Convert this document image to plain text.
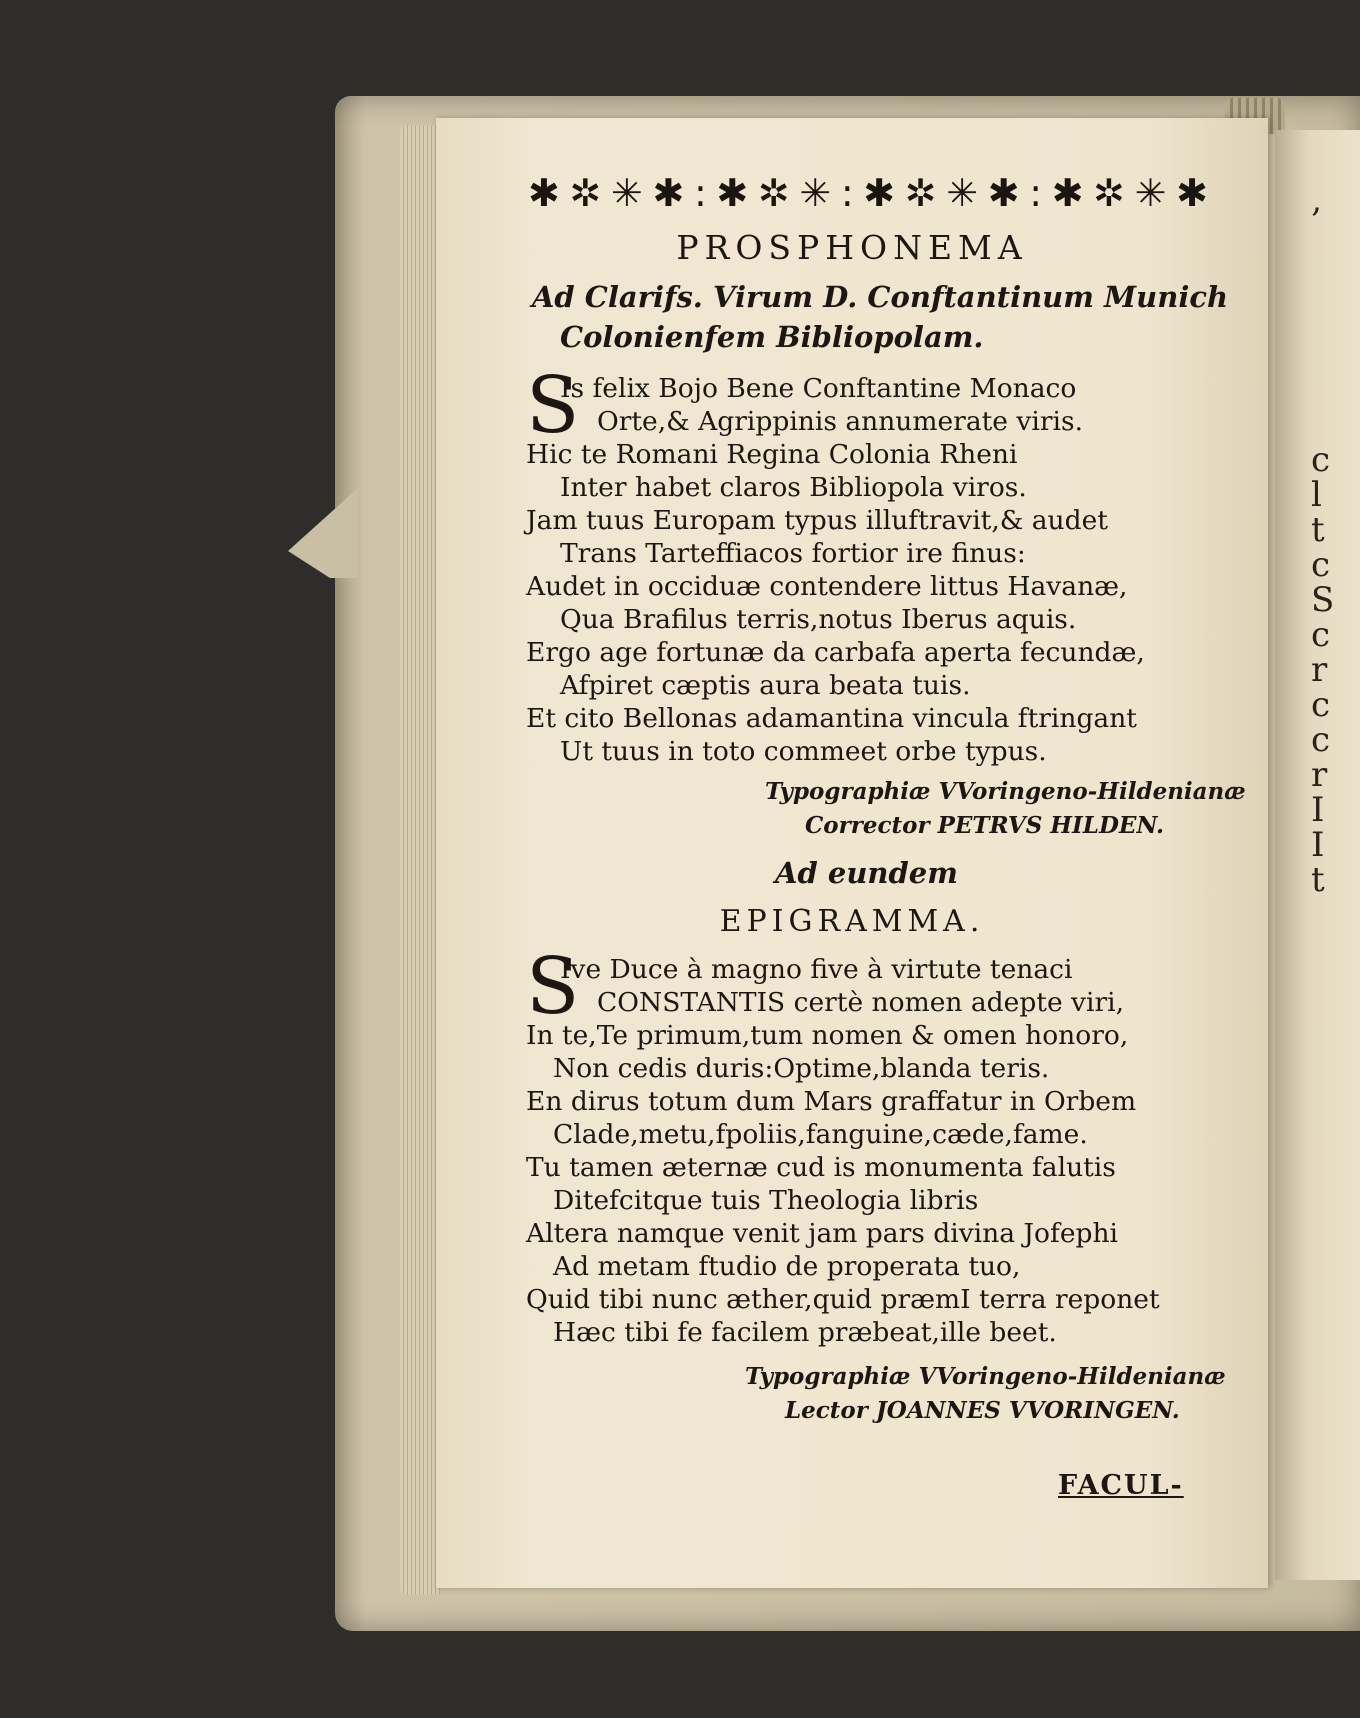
‚
c
l
t
c
S
c
r
c
c
r
I
I
t
✱ ✲ ✳ ✱ : ✱ ✲ ✳ : ✱ ✲ ✳ ✱ : ✱ ✲ ✳ ✱
PROSPHONEMA
Ad Clarifs. Virum D. Conftantinum Munich
Colonienfem Bibliopolam.
S
Is felix Bojo Bene Conftantine Monaco
Orte,& Agrippinis annumerate viris.
Hic te Romani Regina Colonia Rheni
Inter habet claros Bibliopola viros.
Jam tuus Europam typus illuftravit,& audet
Trans Tarteffiacos fortior ire finus:
Audet in occiduæ contendere littus Havanæ,
Qua Brafilus terris,notus Iberus aquis.
Ergo age fortunæ da carbafa aperta fecundæ,
Afpiret cæptis aura beata tuis.
Et cito Bellonas adamantina vincula ftringant
Ut tuus in toto commeet orbe typus.
Typographiæ VVoringeno-Hildenianæ
Corrector PETRVS HILDEN.
Ad eundem
EPIGRAMMA.
S
Ive Duce à magno five à virtute tenaci
CONSTANTIS certè nomen adepte viri,
In te,Te primum,tum nomen & omen honoro,
Non cedis duris:Optime,blanda teris.
En dirus totum dum Mars graffatur in Orbem
Clade,metu,fpoliis,fanguine,cæde,fame.
Tu tamen æternæ cud is monumenta falutis
Ditefcitque tuis Theologia libris
Altera namque venit jam pars divina Jofephi
Ad metam ftudio de properata tuo,
Quid tibi nunc æther,quid præmI terra reponet
Hæc tibi fe facilem præbeat,ille beet.
Typographiæ VVoringeno-Hildenianæ
Lector JOANNES VVORINGEN.
FACUL-
